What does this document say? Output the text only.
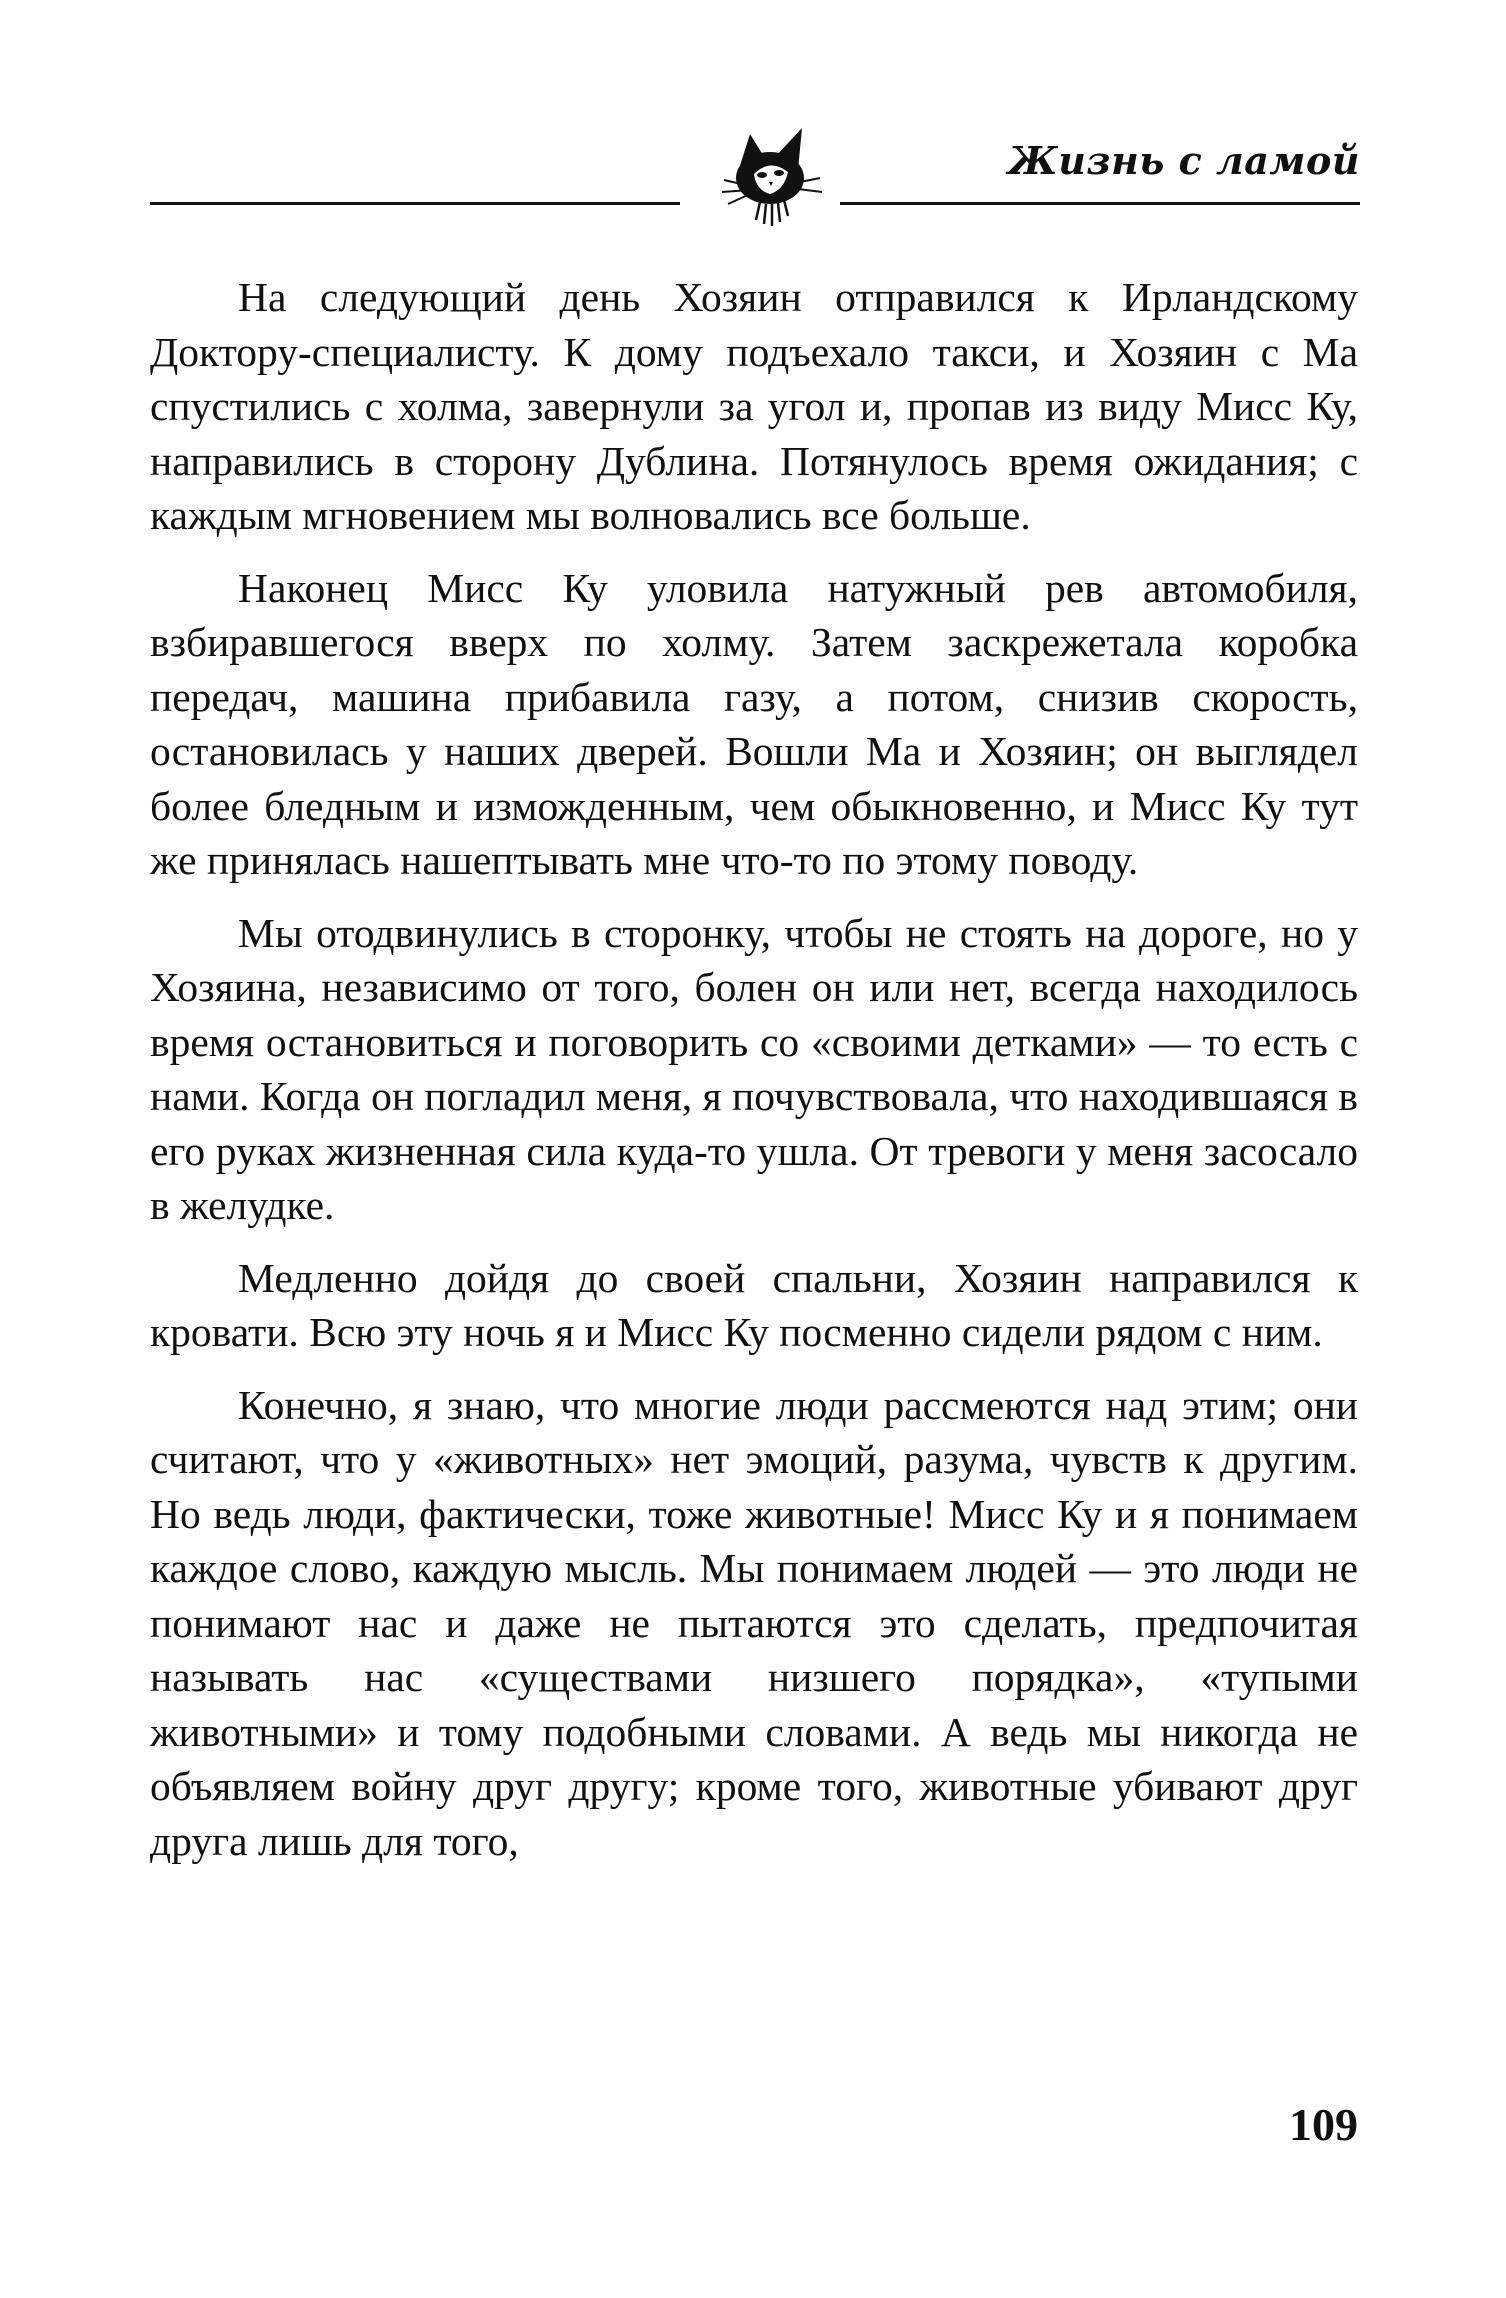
Жизнь с ламой

На следующий день Хозяин отправился к Ирландскому Доктору-специалисту. К дому подъехало такси, и Хозяин с Ма спустились с холма, завернули за угол и, пропав из виду Мисс Ку, направились в сторону Дублина. Потянулось время ожидания; с каждым мгновением мы волновались все больше.

Наконец Мисс Ку уловила натужный рев автомобиля, взбиравшегося вверх по холму. Затем заскрежетала коробка передач, машина прибавила газу, а потом, снизив скорость, остановилась у наших дверей. Вошли Ма и Хозяин; он выглядел более бледным и изможденным, чем обыкновенно, и Мисс Ку тут же принялась нашептывать мне что-то по этому поводу.

Мы отодвинулись в сторонку, чтобы не стоять на дороге, но у Хозяина, независимо от того, болен он или нет, всегда находилось время остановиться и поговорить со «своими детками» — то есть с нами. Когда он погладил меня, я почувствовала, что находившаяся в его руках жизненная сила куда-то ушла. От тревоги у меня засосало в желудке.

Медленно дойдя до своей спальни, Хозяин направился к кровати. Всю эту ночь я и Мисс Ку посменно сидели рядом с ним.

Конечно, я знаю, что многие люди рассмеются над этим; они считают, что у «животных» нет эмоций, разума, чувств к другим. Но ведь люди, фактически, тоже животные! Мисс Ку и я понимаем каждое слово, каждую мысль. Мы понимаем людей — это люди не понимают нас и даже не пытаются это сделать, предпочитая называть нас «существами низшего порядка», «тупыми животными» и тому подобными словами. А ведь мы никогда не объявляем войну друг другу; кроме того, животные убивают друг друга лишь для того,

109
